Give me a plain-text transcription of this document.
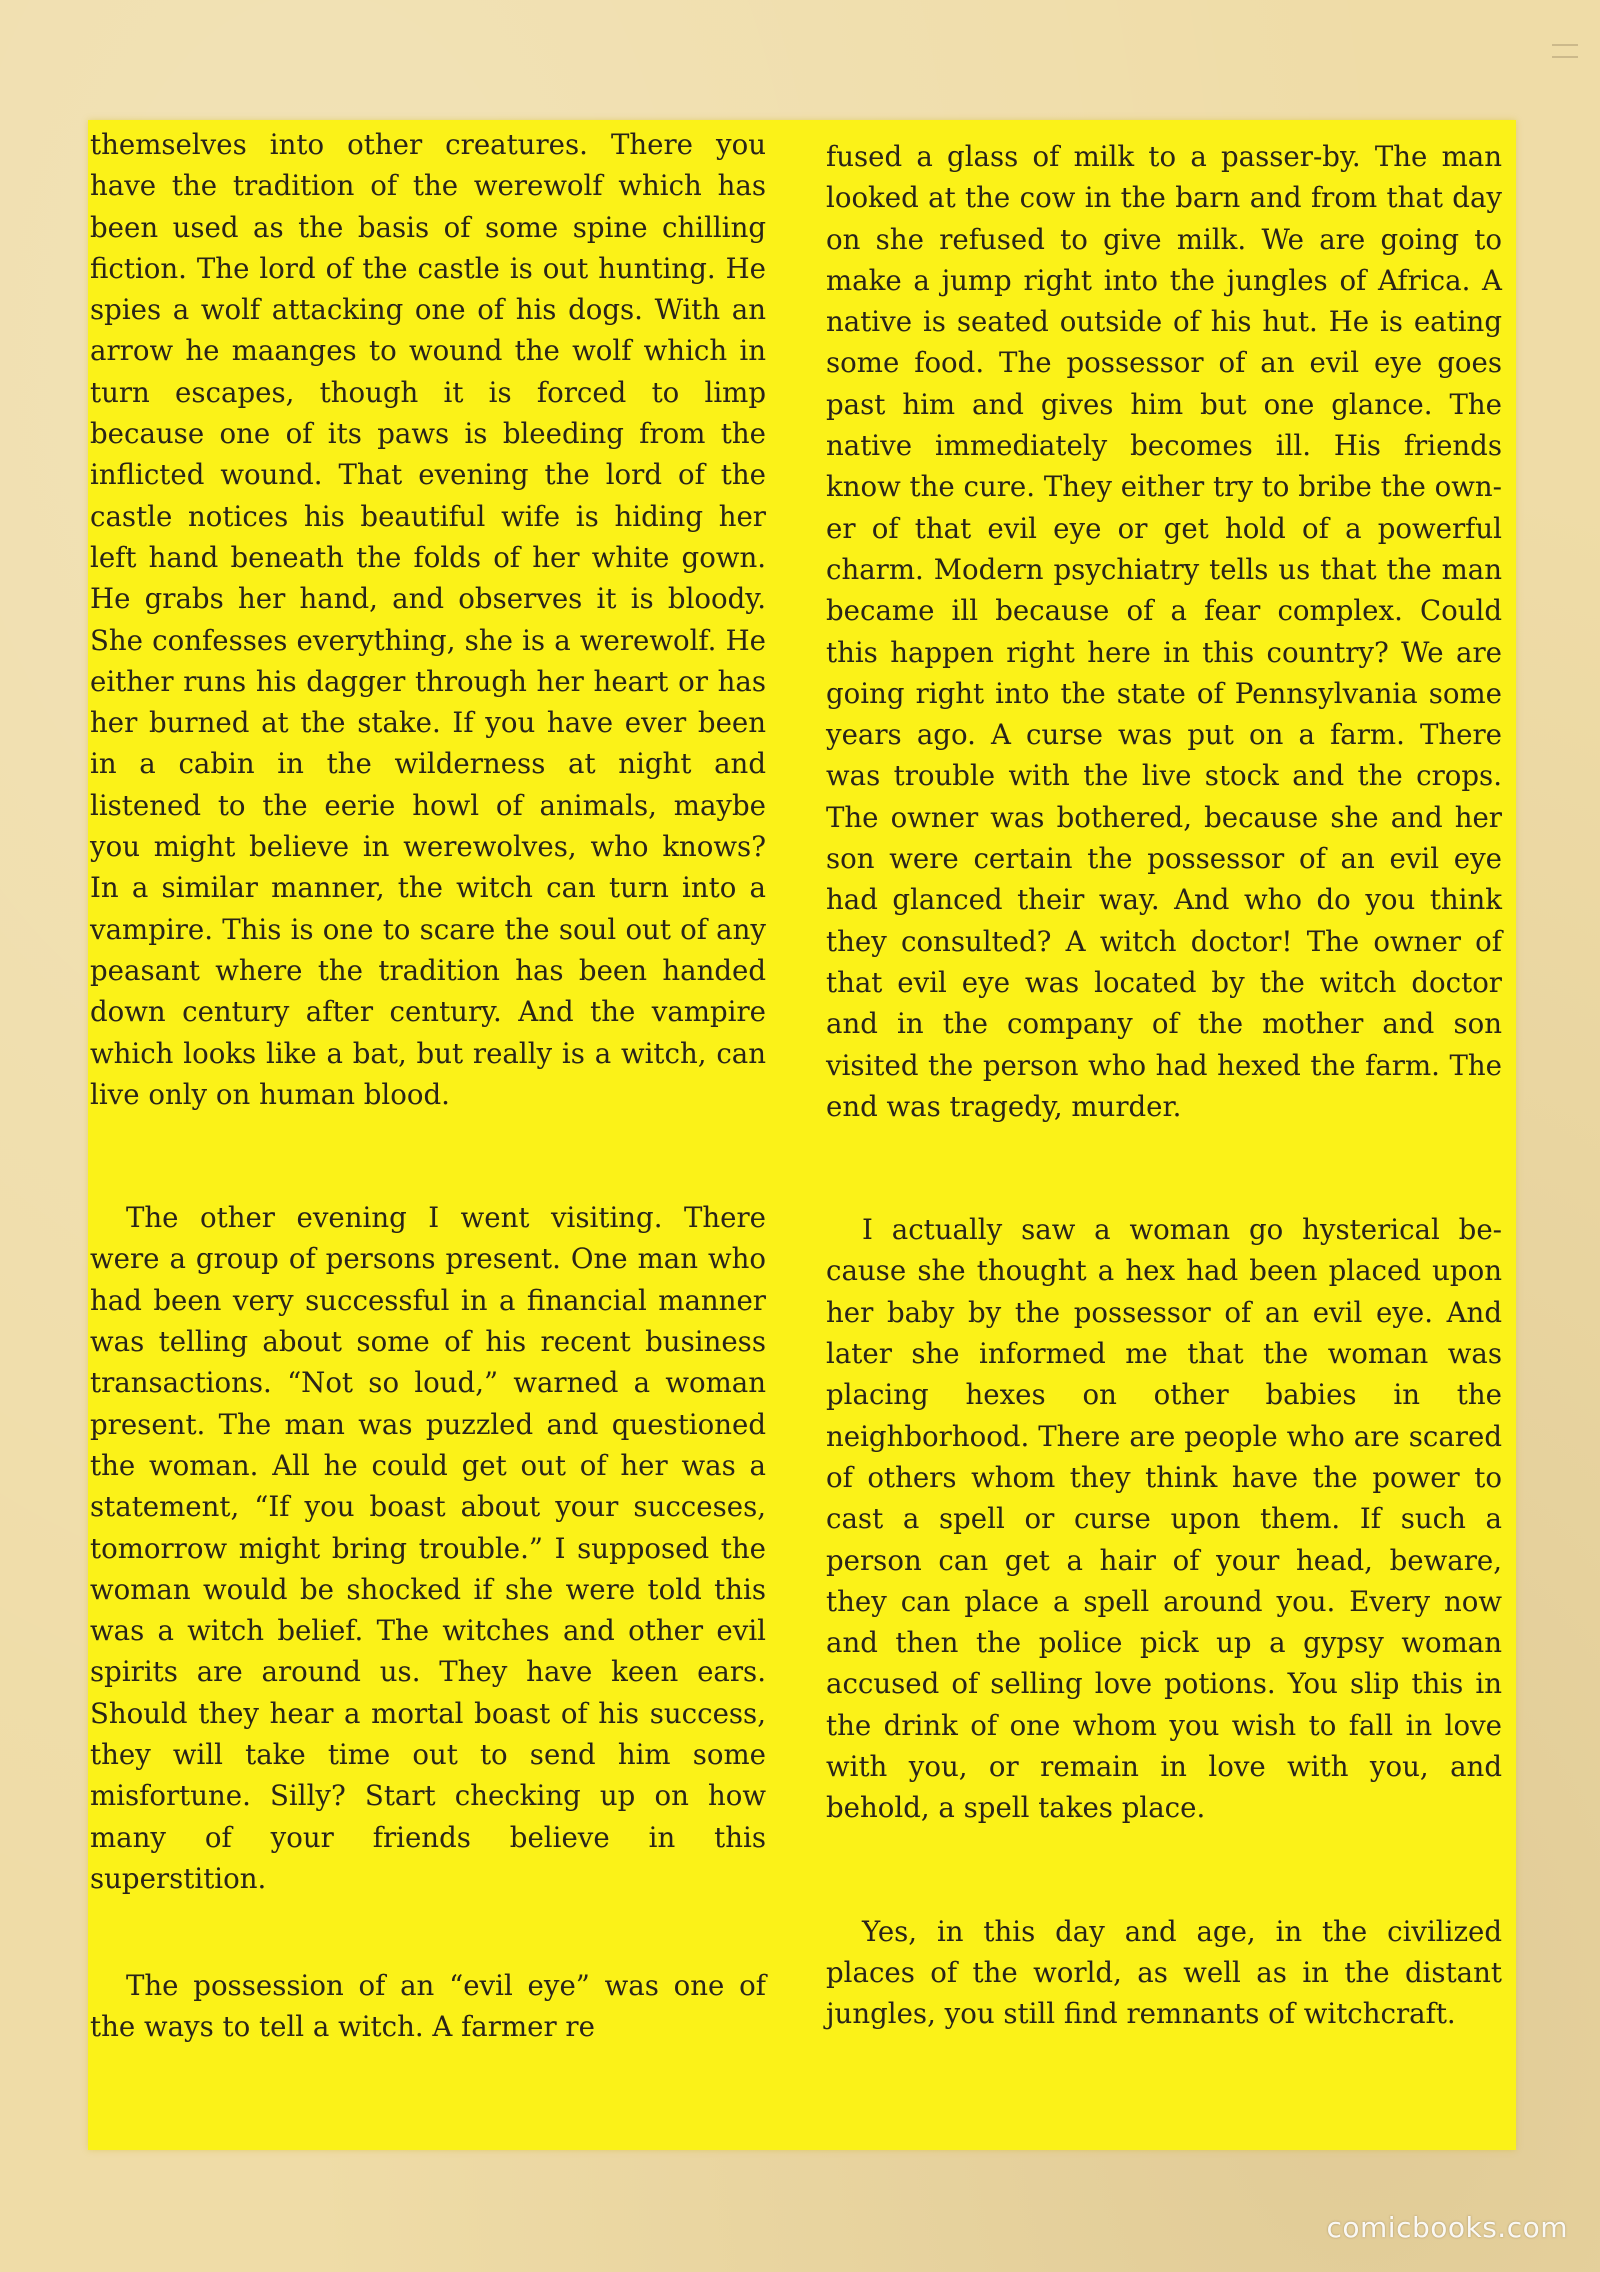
themselves into other creatures. There you have the tradition of the werewolf which has been used as the basis of some spine chilling fiction. The lord of the castle is out hunting. He spies a wolf attacking one of his dogs. With an arrow he maanges to wound the wolf which in turn escapes, though it is forced to limp because one of its paws is bleeding from the inflicted wound. That evening the lord of the castle notices his beautiful wife is hiding her left hand beneath the folds of her white gown. He grabs her hand, and observes it is bloody. She confesses everything, she is a werewolf. He either runs his dagger through her heart or has her burned at the stake. If you have ever been in a cabin in the wilderness at night and listened to the eerie howl of animals, maybe you might believe in werewolves, who knows? In a similar manner, the witch can turn into a vampire. This is one to scare the soul out of any peasant where the tradition has been handed down century after century. And the vampire which looks like a bat, but really is a witch, can live only on human blood.

The other evening I went visiting. There were a group of persons present. One man who had been very successful in a financial manner was telling about some of his recent business transactions. “Not so loud,” warned a woman present. The man was puzzled and questioned the woman. All he could get out of her was a statement, “If you boast about your succeses, tomorrow might bring trouble.” I supposed the woman would be shocked if she were told this was a witch belief. The witches and other evil spirits are around us. They have keen ears. Should they hear a mortal boast of his success, they will take time out to send him some misfortune. Silly? Start checking up on how many of your friends believe in this superstition.

The possession of an “evil eye” was one of the ways to tell a witch. A farmer re

fused a glass of milk to a passer-by. The man looked at the cow in the barn and from that day on she refused to give milk. We are going to make a jump right into the jungles of Africa. A native is seated outside of his hut. He is eating some food. The possessor of an evil eye goes past him and gives him but one glance. The native immediately becomes ill. His friends know the cure. They either try to bribe the owner of that evil eye or get hold of a powerful charm. Modern psychiatry tells us that the man became ill because of a fear complex. Could this happen right here in this country? We are going right into the state of Pennsylvania some years ago. A curse was put on a farm. There was trouble with the live stock and the crops. The owner was bothered, because she and her son were certain the possessor of an evil eye had glanced their way. And who do you think they consulted? A witch doctor! The owner of that evil eye was located by the witch doctor and in the company of the mother and son visited the person who had hexed the farm. The end was tragedy, murder.

I actually saw a woman go hysterical because she thought a hex had been placed upon her baby by the possessor of an evil eye. And later she informed me that the woman was placing hexes on other babies in the neighborhood. There are people who are scared of others whom they think have the power to cast a spell or curse upon them. If such a person can get a hair of your head, beware, they can place a spell around you. Every now and then the police pick up a gypsy woman accused of selling love potions. You slip this in the drink of one whom you wish to fall in love with you, or remain in love with you, and behold, a spell takes place.

Yes, in this day and age, in the civilized places of the world, as well as in the distant jungles, you still find remnants of witchcraft.

comicbooks.com
